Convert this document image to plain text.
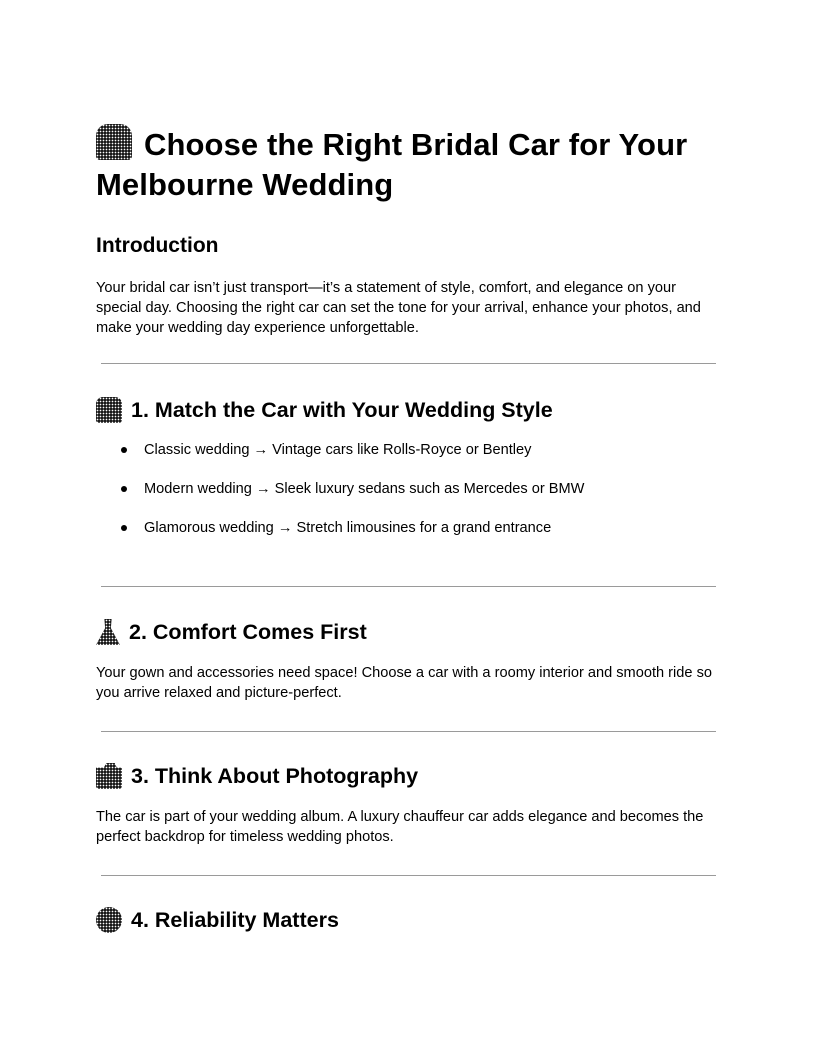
Choose the Right Bridal Car for Your Melbourne Wedding
Introduction

Your bridal car isn’t just transport—it’s a statement of style, comfort, and elegance on your special day. Choosing the right car can set the tone for your arrival, enhance your photos, and make your wedding day experience unforgettable.

1. Match the Car with Your Wedding Style
Classic wedding → Vintage cars like Rolls-Royce or Bentley
Modern wedding → Sleek luxury sedans such as Mercedes or BMW
Glamorous wedding → Stretch limousines for a grand entrance
2. Comfort Comes First

Your gown and accessories need space! Choose a car with a roomy interior and smooth ride so you arrive relaxed and picture-perfect.

3. Think About Photography

The car is part of your wedding album. A luxury chauffeur car adds elegance and becomes the perfect backdrop for timeless wedding photos.

4. Reliability Matters
